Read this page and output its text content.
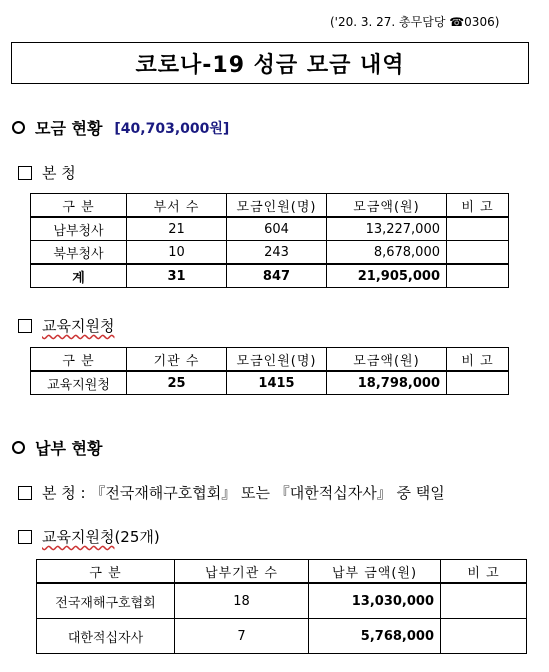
('20. 3. 27. 총무담당 ☎0306)
코로나-19 성금 모금 내역
모금 현황 [40,703,000원]
본 청
구 분	부서 수	모금인원(명)	모금액(원)	비 고
남부청사	21	604	13,227,000	
북부청사	10	243	8,678,000	
계	31	847	21,905,000	
교육지원청
구 분	기관 수	모금인원(명)	모금액(원)	비 고
교육지원청	25	1415	18,798,000	
납부 현황
본 청 : 『전국재해구호협회』 또는 『대한적십자사』 중 택일
교육지원청 (25개)
구 분	납부기관 수	납부 금액(원)	비 고
전국재해구호협회	18	13,030,000	
대한적십자사	7	5,768,000	
